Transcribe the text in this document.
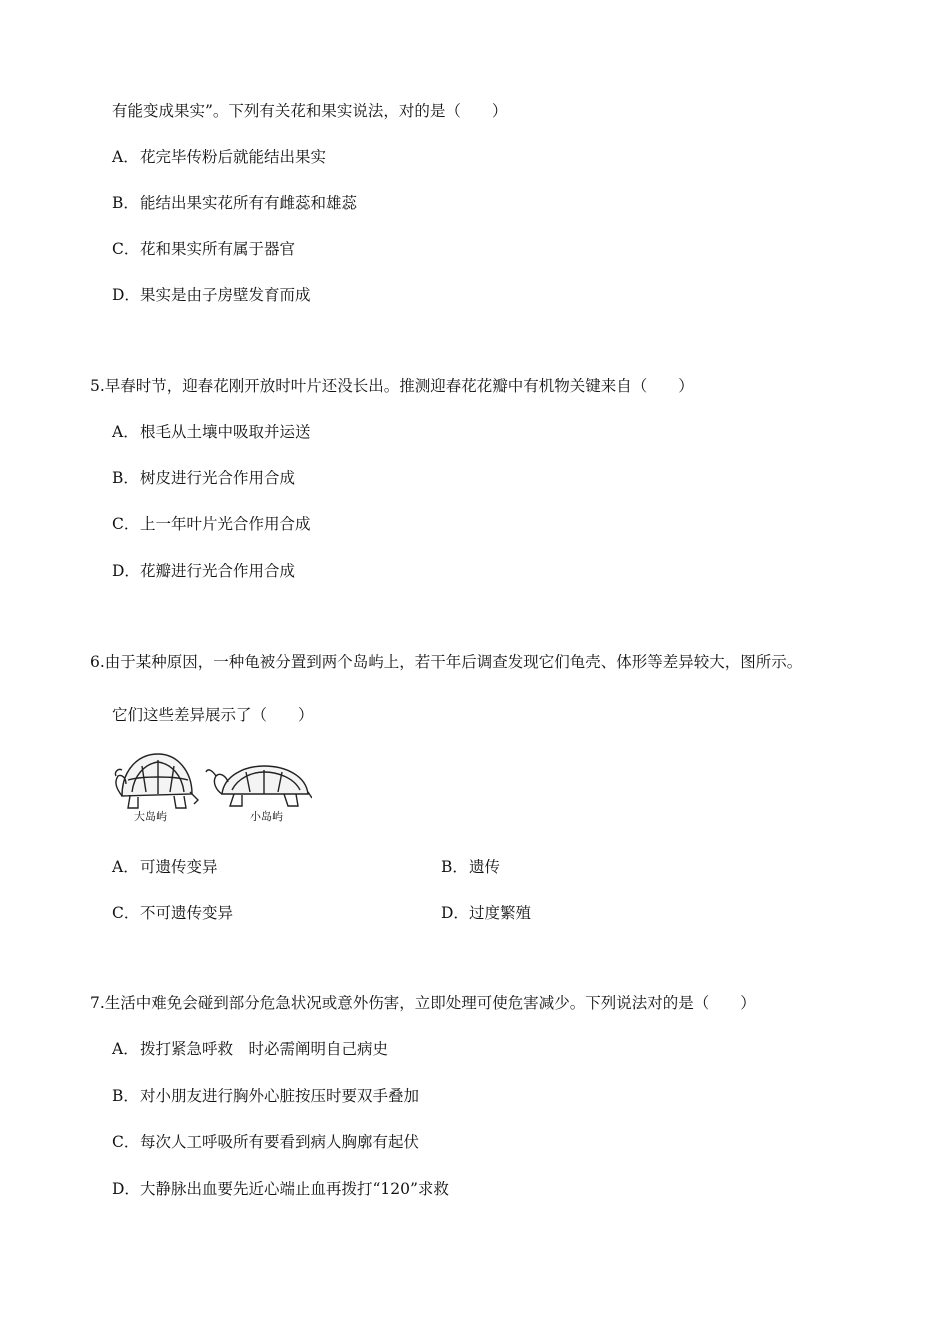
有能变成果实”。下列有关花和果实说法，对的是（　　）
A．花完毕传粉后就能结出果实
B．能结出果实花所有有雌蕊和雄蕊
C．花和果实所有属于器官
D．果实是由子房壁发育而成
5.早春时节，迎春花刚开放时叶片还没长出。推测迎春花花瓣中有机物关键来自（　　）
A．根毛从土壤中吸取并运送
B．树皮进行光合作用合成
C．上一年叶片光合作用合成
D．花瓣进行光合作用合成
6.由于某种原因，一种龟被分置到两个岛屿上，若干年后调查发现它们龟壳、体形等差异较大，图所示。
它们这些差异展示了（　　）
大岛屿	小岛屿
A．可遗传变异	B．遗传
C．不可遗传变异	D．过度繁殖
7.生活中难免会碰到部分危急状况或意外伤害，立即处理可使危害减少。下列说法对的是（　　）
A．拨打紧急呼救　时必需阐明自己病史
B．对小朋友进行胸外心脏按压时要双手叠加
C．每次人工呼吸所有要看到病人胸廓有起伏
D．大静脉出血要先近心端止血再拨打“120”求救
